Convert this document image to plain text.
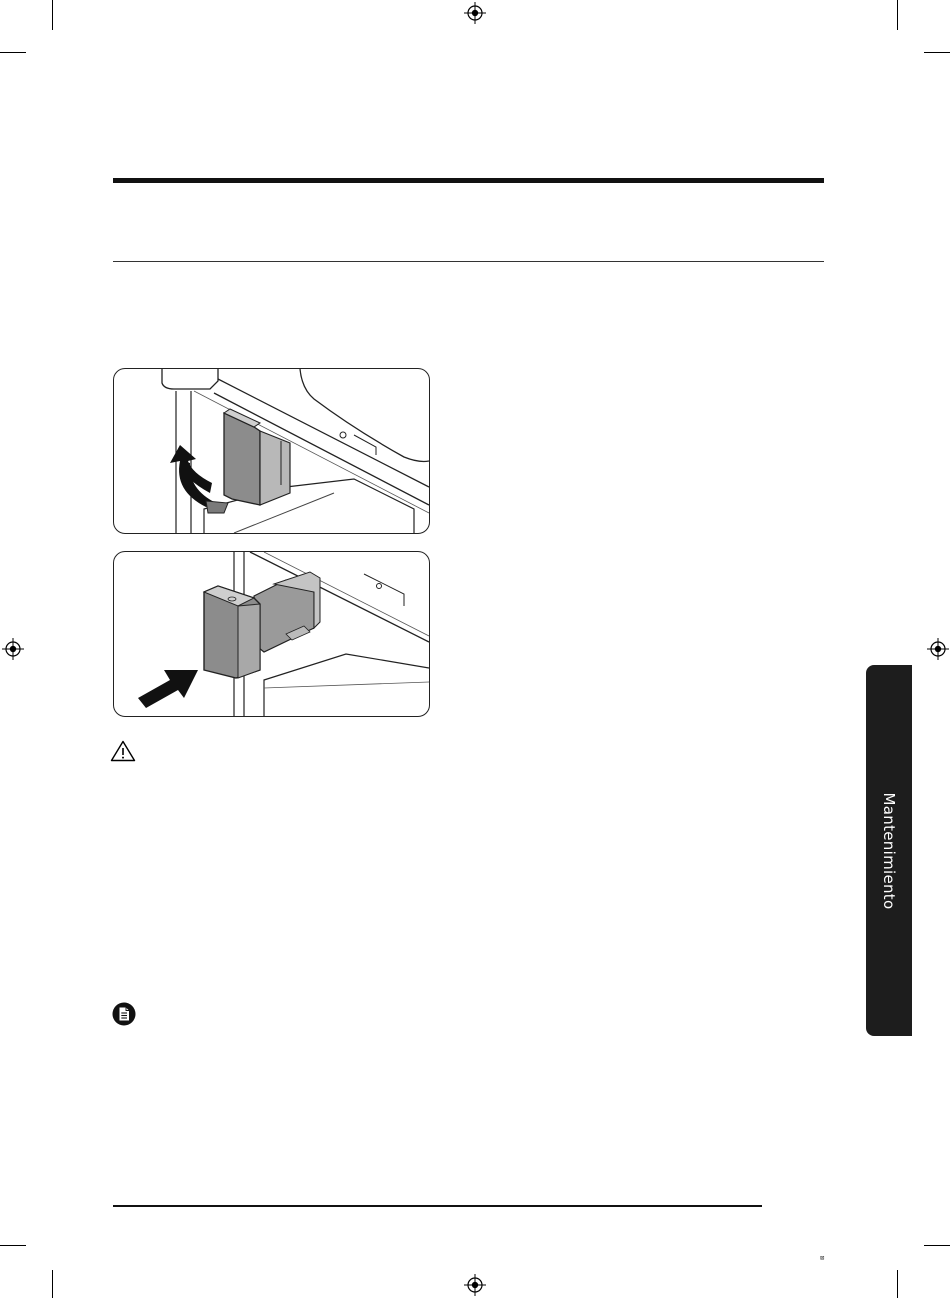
Mantenimiento
⊠
